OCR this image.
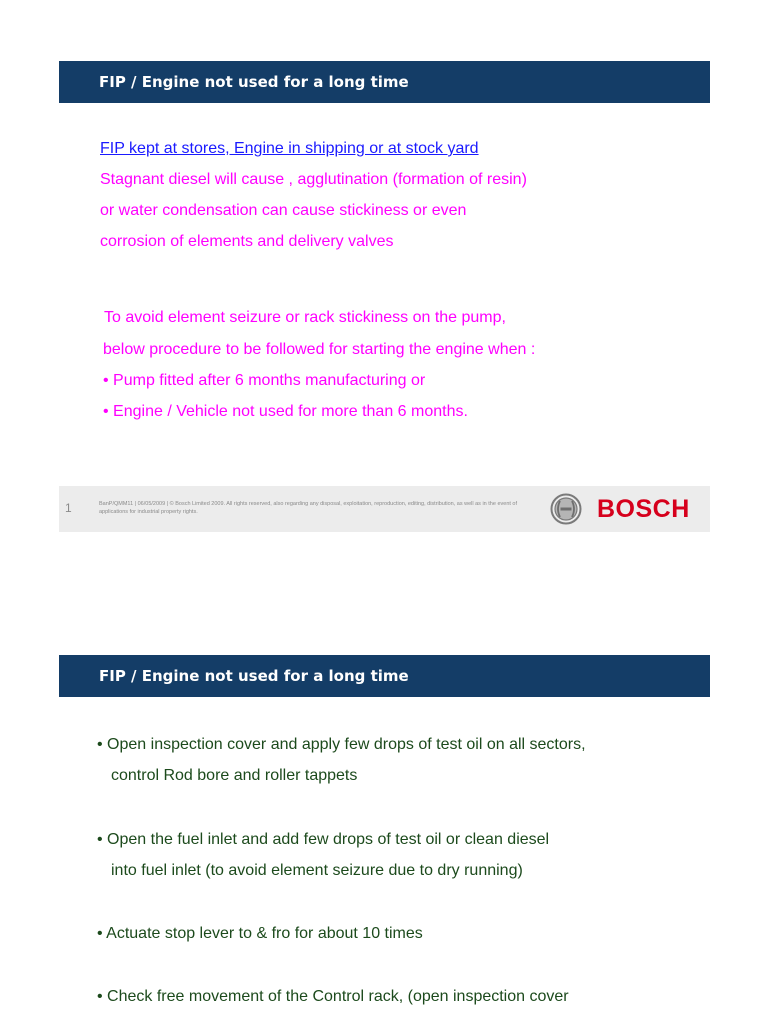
FIP / Engine not used for a long time
FIP kept at stores, Engine in shipping or at stock yard
Stagnant diesel will cause , agglutination (formation of resin)
or water condensation can cause stickiness or even
corrosion of elements and delivery valves
To avoid element seizure or rack stickiness on the pump,
below procedure to be followed for starting the engine when :
• Pump fitted after 6 months manufacturing or
• Engine / Vehicle not used for more than 6 months.
1	BanP/QMM11 | 06/05/2009 | © Bosch Limited 2009. All rights reserved, also regarding any disposal, exploitation, reproduction, editing, distribution, as well as in the event of applications for industrial property rights.	BOSCH
FIP / Engine not used for a long time
• Open inspection cover and apply few drops of test oil on all sectors,
control Rod bore and roller tappets
• Open the fuel inlet and add few drops of test oil or clean diesel
into fuel inlet (to avoid element seizure due to dry running)
• Actuate stop lever to & fro for about 10 times
• Check free movement of the Control rack, (open inspection cover
